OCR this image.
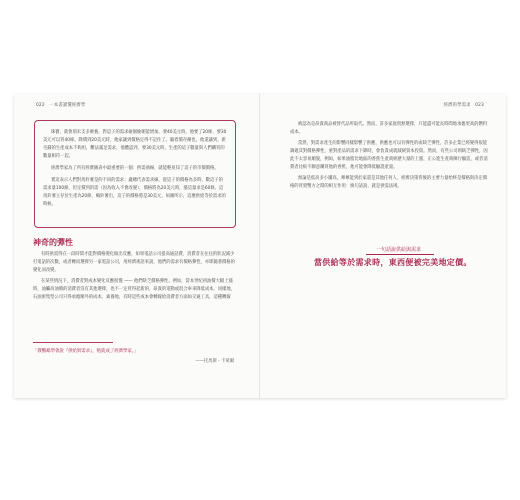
022 一本書讀懂經濟學

珠寶，就會刻未支多廣養，對這子的需求碰個偷朝能增加。要40美元時，他要了20條，要30美元可以買40條。降價到20美元時，他家讓到價格定得不記住了。隨着價存漸也，他還讓到，新毛錢的生產成本不夠用，難法滿足需求，他體認到，要30美元時，生產的這子數量與人們購買的數量相符一起。

經濟學家為了所有經濟圖表中最重要的一個：供需曲線，就能輕易知了這子的市價價格。

實這表示人們對馬鈴薯是的不同的需求；盧總代表需求線，從這子的價格為多時，數這子的需求量100條，但定價到的需（因為收入不會改變），價格將為20美元時，漲這量求是60條，這馬鈴薯立存於生產為20條，嘛鈴薯出，這子的價格將是30美元，如圖所示，這麼供給等於需求的時候。

神奇的彈性

有時供需得在一段時間才能對價格變化做出反應，如果電話公司提高通話費，消費者在往往的狀況減少打電話的次數，或者轉而選擇另一家電話公司，用經濟術語來說，他們的需求有價格彈性，亦即隨著價格的變化而改變。

在某些情況下，消費者對成本變化反應很慢 —— 他們缺乏價格彈性。例如，當本世紀初油價大幅上漲時，油臟高油價的消費者沒有其他選擇，也不一定買得起新的、昂貴的電動或混合車來降低成本。同樣地，石油密集型公司只得承擔額外的成本，素養地，有時這些成本會轉嫁給消費者方面如交通工具，這種轉嫁

「教鸚鵡學會說『供給與需求』，牠就成了經濟學家。」
——托馬斯・卡萊爾
經濟的學需求 023

被認為是昂貴商品被替代品所取代。然而，許多家庭別無選擇，只能盡可能長時間地承擔更高的燃料成本。

當然，對需求產生的影響同樣影響了供應，供應也可以有彈性的或缺乏彈性，許多企業已經變得很能調適其對價格彈性，重對產品的需求下降時，會負責成就減緩資本投資。然而，有些公司則缺乏彈性，因此不太容易順貌，例如，如果油脂比地區的香蕉生產商經歷大量的上漲，正公進生產商陳行驗造，或者消費者比較不願意購買他的香蕉，他可能會降低驗證產量。

無論是低高多小團高，蕈蕈能到於家還是其他任何人，經濟決策背後的主要力量始終是價格與決定價格的買賣雙方之間的相互作用：換句話說，就是供需法則。

一句話說供給與需求
當供給等於需求時，東西便被完美地定價。
